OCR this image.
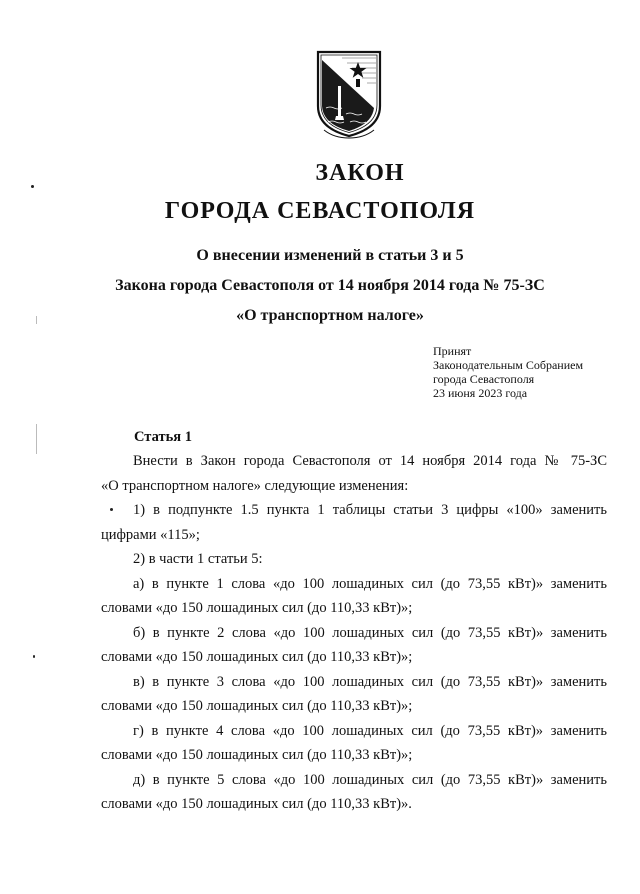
ЗАКОН
ГОРОДА СЕВАСТОПОЛЯ
О внесении изменений в статьи 3 и 5
Закона города Севастополя от 14 ноября 2014 года № 75-ЗС
«О транспортном налоге»
Принят
Законодательным Собранием
города Севастополя
23 июня 2023 года
Статья 1
Внести в Закон города Севастополя от 14 ноября 2014 года № 75-ЗС
«О транспортном налоге» следующие изменения:
1) в подпункте 1.5 пункта 1 таблицы статьи 3 цифры «100» заменить
цифрами «115»;
2) в части 1 статьи 5:
а) в пункте 1 слова «до 100 лошадиных сил (до 73,55 кВт)» заменить
словами «до 150 лошадиных сил (до 110,33 кВт)»;
б) в пункте 2 слова «до 100 лошадиных сил (до 73,55 кВт)» заменить
словами «до 150 лошадиных сил (до 110,33 кВт)»;
в) в пункте 3 слова «до 100 лошадиных сил (до 73,55 кВт)» заменить
словами «до 150 лошадиных сил (до 110,33 кВт)»;
г) в пункте 4 слова «до 100 лошадиных сил (до 73,55 кВт)» заменить
словами «до 150 лошадиных сил (до 110,33 кВт)»;
д) в пункте 5 слова «до 100 лошадиных сил (до 73,55 кВт)» заменить
словами «до 150 лошадиных сил (до 110,33 кВт)».
